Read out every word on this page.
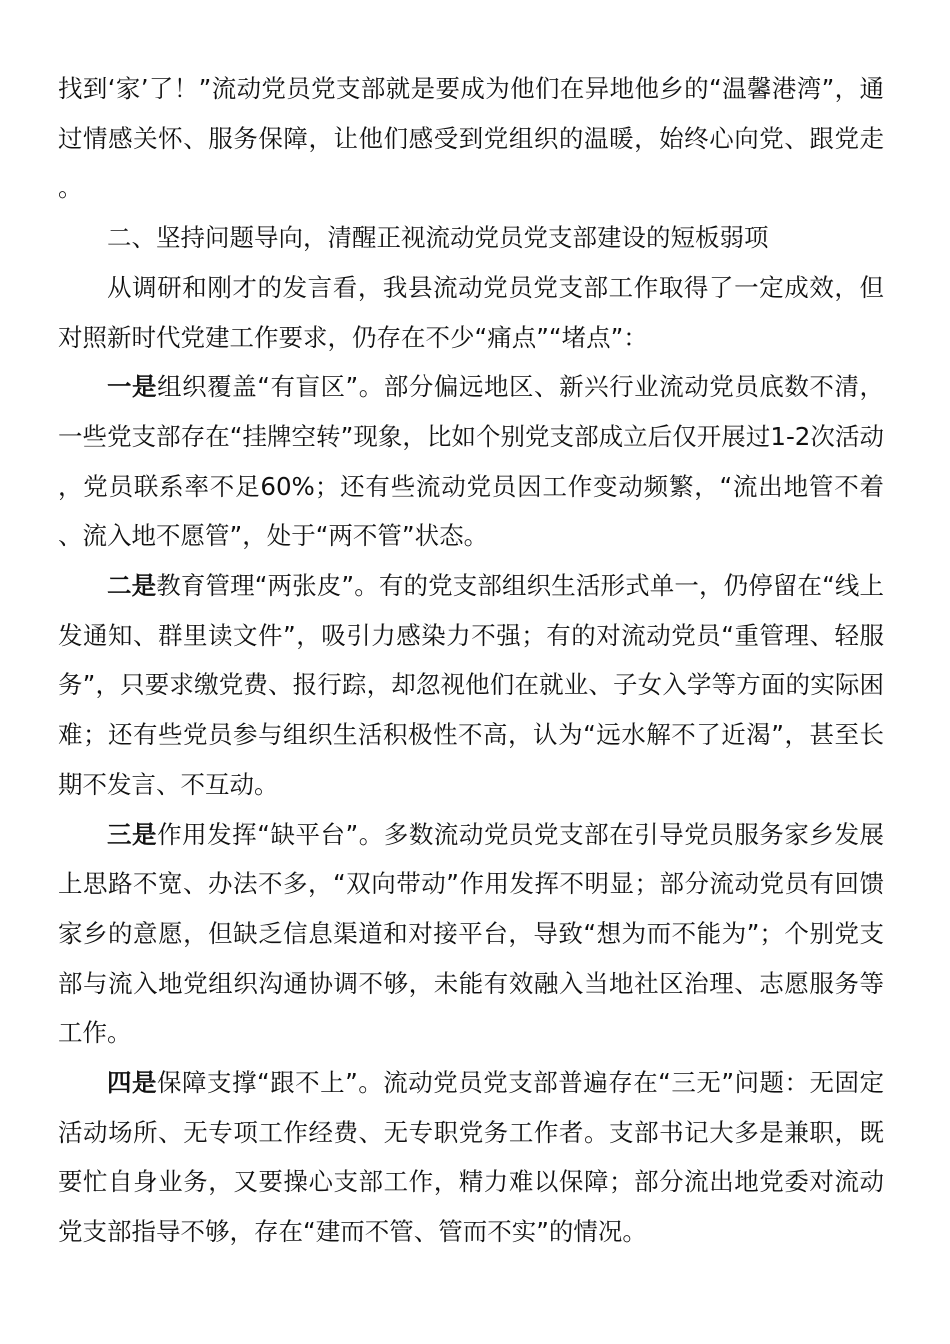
找到‘家’了！”流动党员党支部就是要成为他们在异地他乡的“温馨港湾”，通过情感关怀、服务保障，让他们感受到党组织的温暖，始终心向党、跟党走。

二、坚持问题导向，清醒正视流动党员党支部建设的短板弱项

从调研和刚才的发言看，我县流动党员党支部工作取得了一定成效，但对照新时代党建工作要求，仍存在不少“痛点”“堵点”：

一是组织覆盖“有盲区”。部分偏远地区、新兴行业流动党员底数不清，一些党支部存在“挂牌空转”现象，比如个别党支部成立后仅开展过1-2次活动，党员联系率不足60%；还有些流动党员因工作变动频繁，“流出地管不着、流入地不愿管”，处于“两不管”状态。

二是教育管理“两张皮”。有的党支部组织生活形式单一，仍停留在“线上发通知、群里读文件”，吸引力感染力不强；有的对流动党员“重管理、轻服务”，只要求缴党费、报行踪，却忽视他们在就业、子女入学等方面的实际困难；还有些党员参与组织生活积极性不高，认为“远水解不了近渴”，甚至长期不发言、不互动。

三是作用发挥“缺平台”。多数流动党员党支部在引导党员服务家乡发展上思路不宽、办法不多，“双向带动”作用发挥不明显；部分流动党员有回馈家乡的意愿，但缺乏信息渠道和对接平台，导致“想为而不能为”；个别党支部与流入地党组织沟通协调不够，未能有效融入当地社区治理、志愿服务等工作。

四是保障支撑“跟不上”。流动党员党支部普遍存在“三无”问题：无固定活动场所、无专项工作经费、无专职党务工作者。支部书记大多是兼职，既要忙自身业务，又要操心支部工作，精力难以保障；部分流出地党委对流动党支部指导不够，存在“建而不管、管而不实”的情况。
